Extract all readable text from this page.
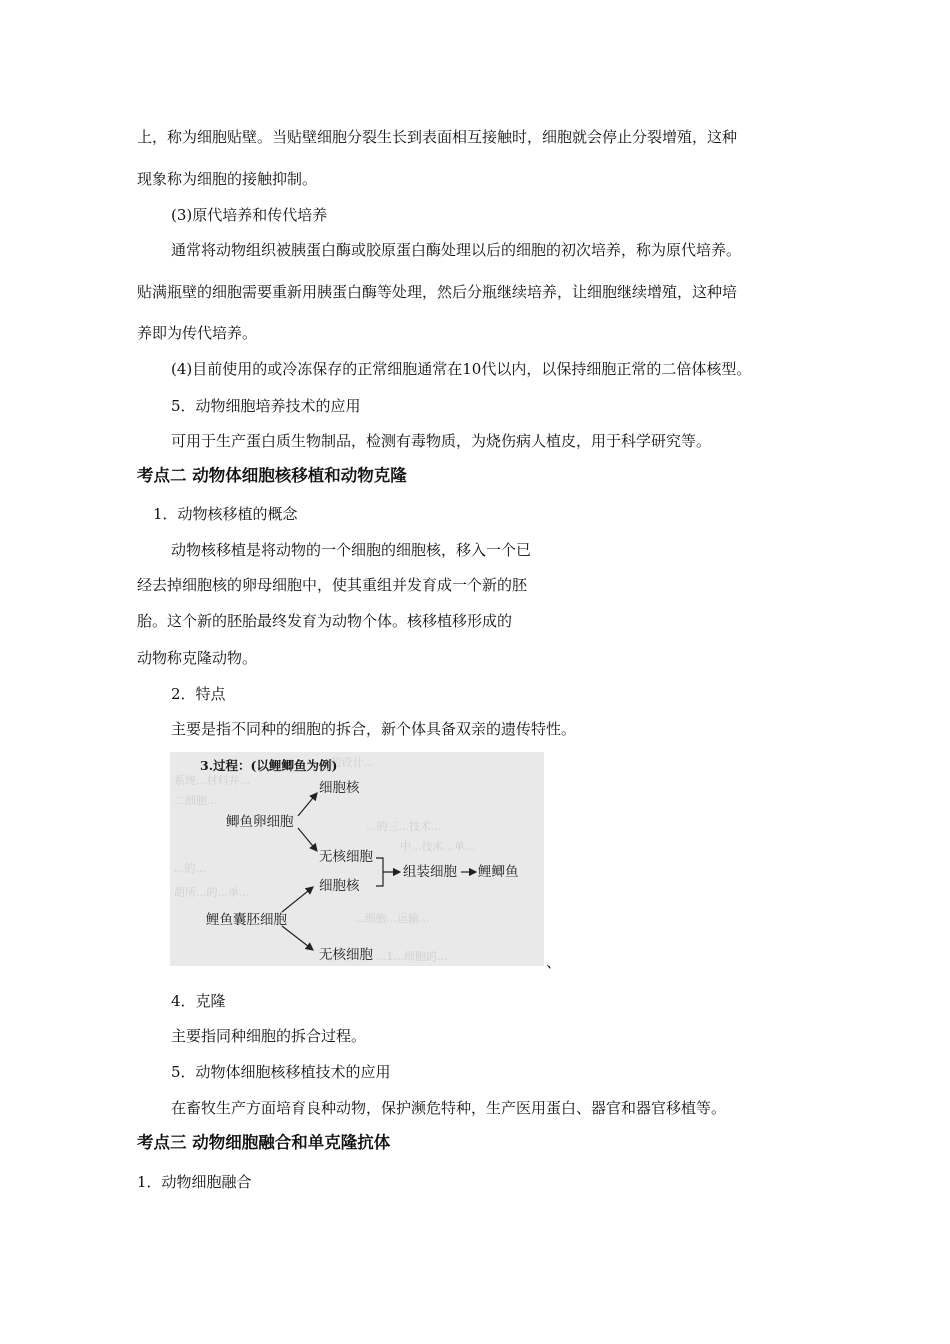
上，称为细胞贴壁。当贴壁细胞分裂生长到表面相互接触时，细胞就会停止分裂增殖，这种
现象称为细胞的接触抑制。
(3)原代培养和传代培养
通常将动物组织被胰蛋白酶或胶原蛋白酶处理以后的细胞的初次培养，称为原代培养。
贴满瓶壁的细胞需要重新用胰蛋白酶等处理，然后分瓶继续培养，让细胞继续增殖，这种培
养即为传代培养。
(4)目前使用的或冷冻保存的正常细胞通常在10代以内，以保持细胞正常的二倍体核型。
5．动物细胞培养技术的应用
可用于生产蛋白质生物制品，检测有毒物质，为烧伤病人植皮，用于科学研究等。
考点二 动物体细胞核移植和动物克隆
1．动物核移植的概念
动物核移植是将动物的一个细胞的细胞核，移入一个已
经去掉细胞核的卵母细胞中，使其重组并发育成一个新的胚
胎。这个新的胚胎最终发育为动物个体。核移植移形成的
动物称克隆动物。
2．特点
主要是指不同种的细胞的拆合，新个体具备双亲的遗传特性。
...的设计...
系统...材料并...
二细胞...
...的三...技术...
中...技术...单...
...的...
胡所...的...单...
...细胞...运输...
...1...细胞的...
3.过程：(以鲤鲫鱼为例)
细胞核
鲫鱼卵细胞
无核细胞
细胞核
组装细胞 鲤鲫鱼
鲤鱼囊胚细胞
无核细胞	、
4．克隆
主要指同种细胞的拆合过程。
5．动物体细胞核移植技术的应用
在畜牧生产方面培育良种动物，保护濒危特种，生产医用蛋白、器官和器官移植等。
考点三 动物细胞融合和单克隆抗体
1．动物细胞融合
